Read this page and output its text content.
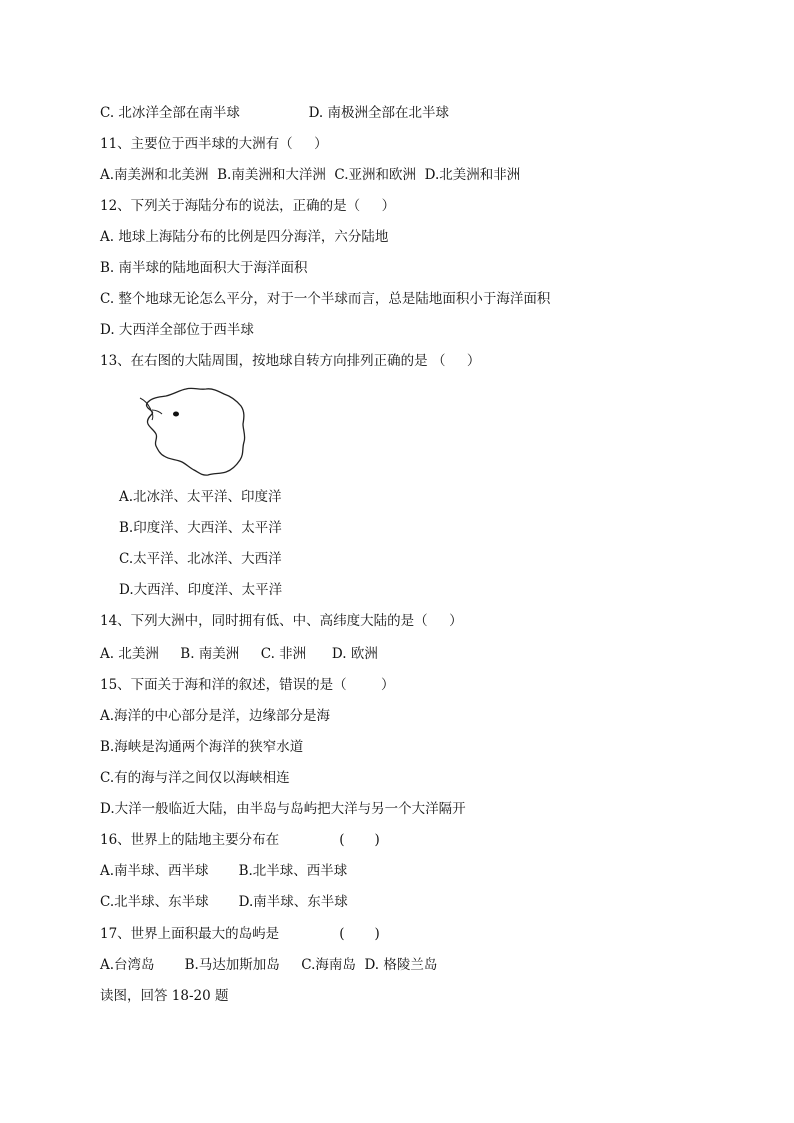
C. 北冰洋全部在南半球                D. 南极洲全部在北半球
11、主要位于西半球的大洲有（     ）
A.南美洲和北美洲  B.南美洲和大洋洲  C.亚洲和欧洲  D.北美洲和非洲
12、下列关于海陆分布的说法，正确的是（     ）
A. 地球上海陆分布的比例是四分海洋，六分陆地
B. 南半球的陆地面积大于海洋面积
C. 整个地球无论怎么平分，对于一个半球而言，总是陆地面积小于海洋面积
D. 大西洋全部位于西半球
13、在右图的大陆周围，按地球自转方向排列正确的是 （     ）
A.北冰洋、太平洋、印度洋
B.印度洋、大西洋、太平洋
C.太平洋、北冰洋、大西洋
D.大西洋、印度洋、太平洋
14、下列大洲中，同时拥有低、中、高纬度大陆的是（     ）
A. 北美洲     B. 南美洲     C. 非洲      D. 欧洲
15、下面关于海和洋的叙述，错误的是（        ）
A.海洋的中心部分是洋，边缘部分是海
B.海峡是沟通两个海洋的狭窄水道
C.有的海与洋之间仅以海峡相连
D.大洋一般临近大陆，由半岛与岛屿把大洋与另一个大洋隔开
16、世界上的陆地主要分布在              (       )
A.南半球、西半球       B.北半球、西半球
C.北半球、东半球       D.南半球、东半球
17、世界上面积最大的岛屿是              (       )
A.台湾岛       B.马达加斯加岛     C.海南岛  D. 格陵兰岛
读图，回答 18-20 题
